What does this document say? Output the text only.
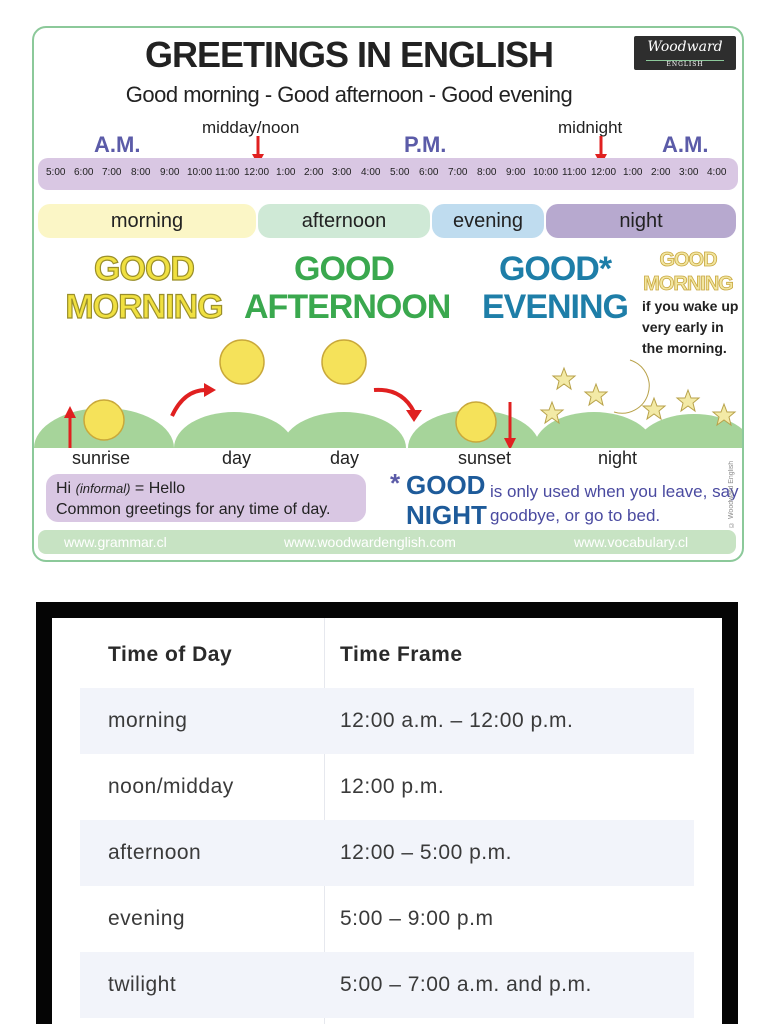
GREETINGS IN ENGLISH
Good morning - Good afternoon - Good evening
Woodward
ENGLISH
A.M.	P.M.	A.M.
midday/noon	midnight
5:00 6:00 7:00 8:00 9:00 10:00 11:00 12:00 1:00 2:00 3:00 4:00 5:00 6:00 7:00 8:00 9:00 10:00 11:00 12:00 1:00 2:00 3:00 4:00
morning	afternoon	evening	night
GOOD
MORNING
GOOD
AFTERNOON
GOOD*
EVENING
GOOD
MORNING
if you wake up very early in the morning.
sunrise	day	day	sunset	night
Hi (informal) = Hello
Common greetings for any time of day.
* GOOD
NIGHT
is only used when you leave, say goodbye, or go to bed.	© Woodward English
www.grammar.cl	www.woodwardenglish.com	www.vocabulary.cl
Time of Day	Time Frame
morning	12:00 a.m. – 12:00 p.m.
noon/midday	12:00 p.m.
afternoon	12:00 – 5:00 p.m.
evening	5:00 – 9:00 p.m
twilight	5:00 – 7:00 a.m. and p.m.
